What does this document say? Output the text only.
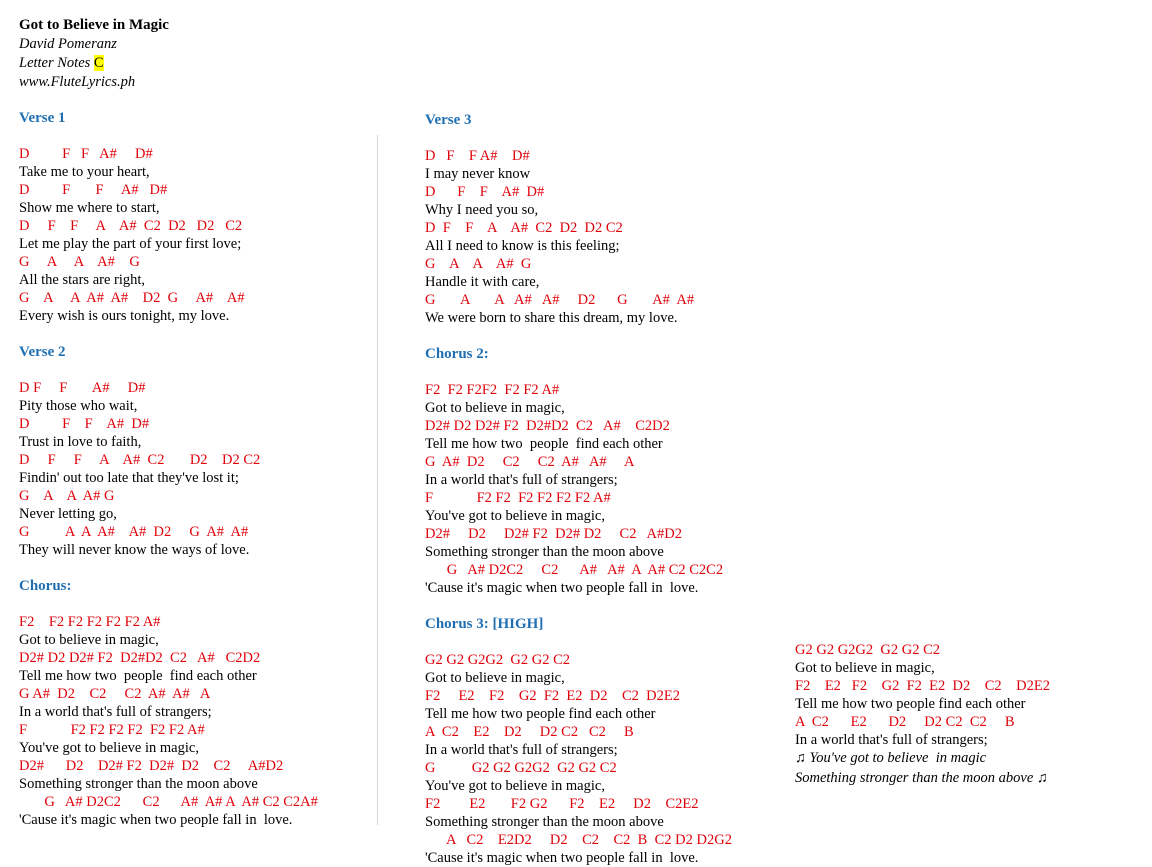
Got to Believe in Magic
David Pomeranz
Letter Notes C
www.FluteLyrics.ph
Verse 1
D         F   F   A#     D#
Take me to your heart,
D         F       F     A#   D#
Show me where to start,
D     F    F     A    A#  C2  D2   D2   C2
Let me play the part of your first love;
G     A     A    A#    G
All the stars are right,
G    A     A  A#  A#    D2  G     A#    A#
Every wish is ours tonight, my love.
Verse 2
D F     F       A#     D#
Pity those who wait,
D         F    F    A#  D#
Trust in love to faith,
D     F     F     A    A#  C2       D2    D2 C2
Findin' out too late that they've lost it;
G    A    A  A# G
Never letting go,
G          A  A  A#    A#  D2     G  A#  A#
They will never know the ways of love.
Chorus:
F2    F2 F2 F2 F2 F2 A#
Got to believe in magic,
D2# D2 D2# F2  D2#D2  C2   A#   C2D2
Tell me how two  people  find each other
G A#  D2    C2     C2  A#  A#   A
In a world that's full of strangers;
F            F2 F2 F2 F2  F2 F2 A#
You've got to believe in magic,
D2#      D2    D2# F2  D2#  D2    C2     A#D2
Something stronger than the moon above
G   A# D2C2      C2      A#  A# A  A# C2 C2A#
'Cause it's magic when two people fall in  love.
Verse 3
D   F    F A#    D#
I may never know
D      F    F    A#  D#
Why I need you so,
D  F    F    A    A#  C2  D2  D2 C2
All I need to know is this feeling;
G    A    A    A#  G
Handle it with care,
G       A       A   A#   A#     D2      G       A#  A#
We were born to share this dream, my love.
Chorus 2:
F2  F2 F2F2  F2 F2 A#
Got to believe in magic,
D2# D2 D2# F2  D2#D2  C2   A#    C2D2
Tell me how two  people  find each other
G  A#  D2     C2     C2  A#   A#     A
In a world that's full of strangers;
F            F2 F2  F2 F2 F2 F2 A#
You've got to believe in magic,
D2#     D2     D2# F2  D2# D2     C2   A#D2
Something stronger than the moon above
G   A# D2C2     C2      A#   A#  A  A# C2 C2C2
'Cause it's magic when two people fall in  love.
Chorus 3: [HIGH]
G2 G2 G2G2  G2 G2 C2
Got to believe in magic,
F2     E2    F2    G2  F2  E2  D2    C2  D2E2
Tell me how two people find each other
A  C2    E2    D2     D2 C2   C2     B
In a world that's full of strangers;
G          G2 G2 G2G2  G2 G2 C2
You've got to believe in magic,
F2        E2       F2 G2      F2    E2     D2    C2E2
Something stronger than the moon above
A   C2    E2D2     D2    C2    C2  B  C2 D2 D2G2
'Cause it's magic when two people fall in  love.
G2 G2 G2G2  G2 G2 C2
Got to believe in magic,
F2    E2   F2    G2  F2  E2  D2    C2    D2E2
Tell me how two people find each other
A  C2      E2      D2     D2 C2  C2     B
In a world that's full of strangers;
♫ You've got to believe  in magic
Something stronger than the moon above ♫
